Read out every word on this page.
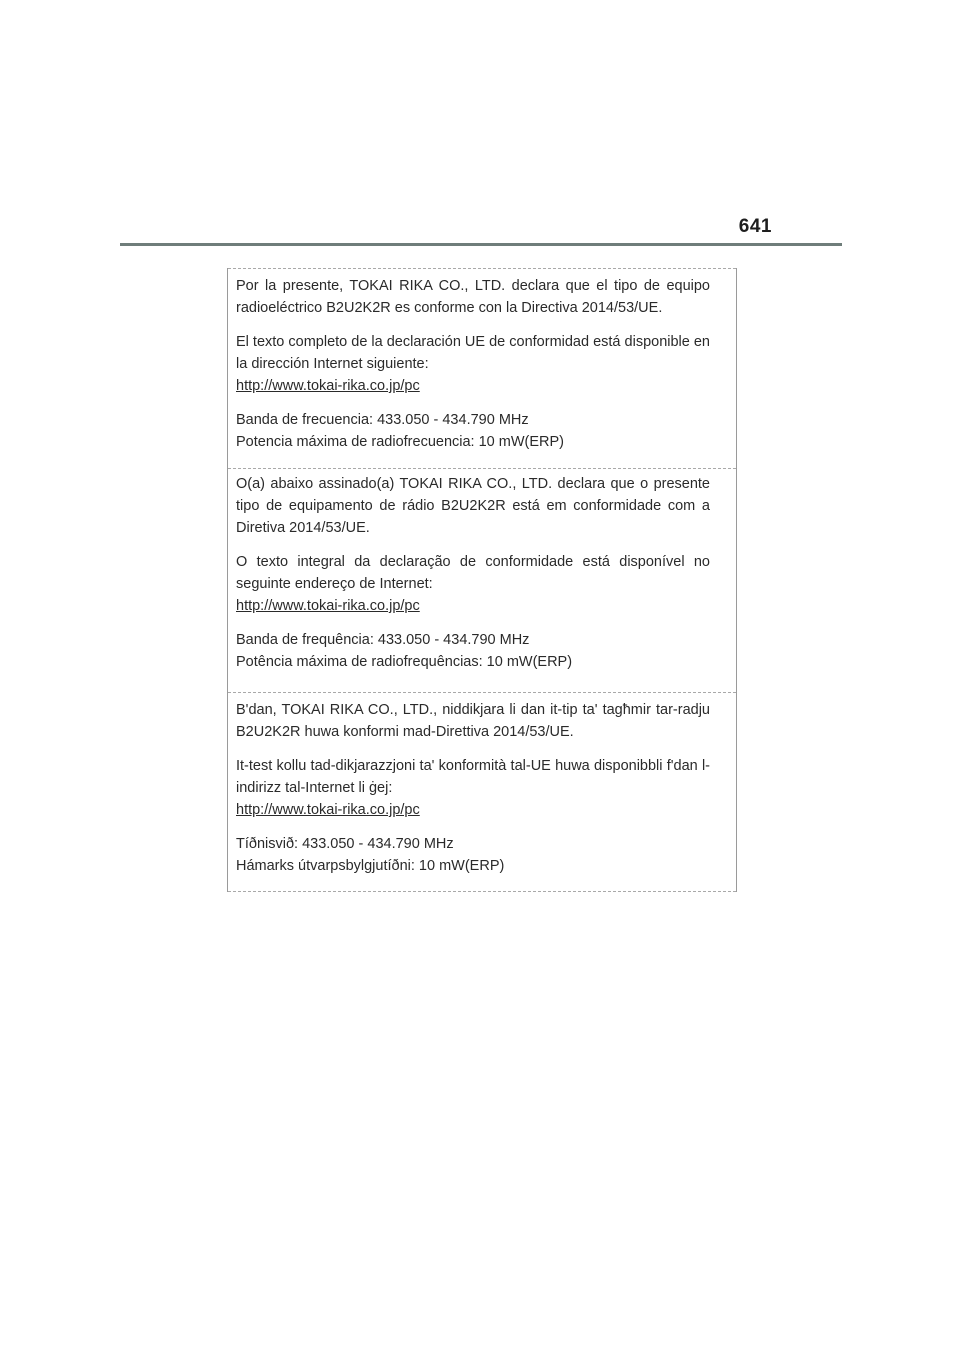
641

Por la presente, TOKAI RIKA CO., LTD. declara que el tipo de equipo radioeléctrico B2U2K2R es conforme con la Directiva 2014/53/UE.

El texto completo de la declaración UE de conformidad está disponible en la dirección Internet siguiente:
http://www.tokai-rika.co.jp/pc

Banda de frecuencia: 433.050 - 434.790 MHz
Potencia máxima de radiofrecuencia: 10 mW(ERP)

O(a) abaixo assinado(a) TOKAI RIKA CO., LTD. declara que o presente tipo de equipamento de rádio B2U2K2R está em conformidade com a Diretiva 2014/53/UE.

O texto integral da declaração de conformidade está disponível no seguinte endereço de Internet:
http://www.tokai-rika.co.jp/pc

Banda de frequência: 433.050 - 434.790 MHz
Potência máxima de radiofrequências: 10 mW(ERP)

B'dan, TOKAI RIKA CO., LTD., niddikjara li dan it-tip ta' tagħmir tar-radju B2U2K2R huwa konformi mad-Direttiva 2014/53/UE.

It-test kollu tad-dikjarazzjoni ta' konformità tal-UE huwa disponibbli f'dan l-indirizz tal-Internet li ġej:
http://www.tokai-rika.co.jp/pc

Tíðnisvið: 433.050 - 434.790 MHz
Hámarks útvarpsbylgjutíðni: 10 mW(ERP)
